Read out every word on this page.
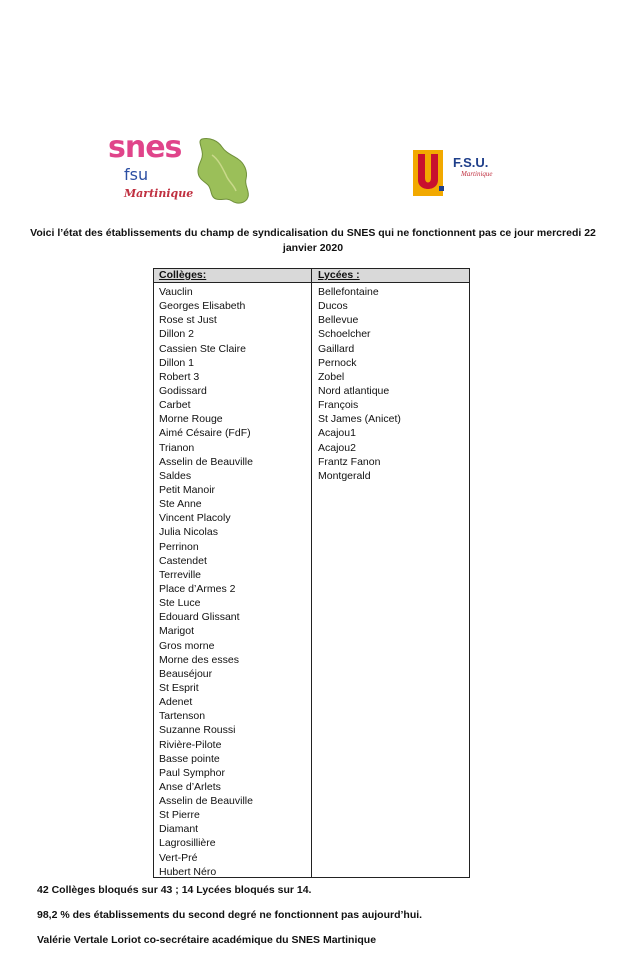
snes
fsu
Martinique
F.S.U.
Martinique
Voici l’état des établissements du champ de syndicalisation du SNES qui ne fonctionnent pas ce jour mercredi 22 janvier 2020
Collèges:	Lycées :
Vauclin
Georges Elisabeth
Rose st Just
Dillon 2
Cassien Ste Claire
Dillon 1
Robert 3
Godissard
Carbet
Morne Rouge
Aimé Césaire (FdF)
Trianon
Asselin de Beauville
Saldes
Petit Manoir
Ste Anne
Vincent Placoly
Julia Nicolas
Perrinon
Castendet
Terreville
Place d’Armes 2
Ste Luce
Edouard Glissant
Marigot
Gros morne
Morne des esses
Beauséjour
St Esprit
Adenet
Tartenson
Suzanne Roussi
Rivière-Pilote
Basse pointe
Paul Symphor
Anse d’Arlets
Asselin de Beauville
St Pierre
Diamant
Lagrosillière
Vert-Pré
Hubert Néro
Bellefontaine
Ducos
Bellevue
Schoelcher
Gaillard
Pernock
Zobel
Nord atlantique
François
St James (Anicet)
Acajou1
Acajou2
Frantz Fanon
Montgerald
42 Collèges bloqués sur 43 ; 14 Lycées bloqués sur 14.
98,2 % des établissements du second degré ne fonctionnent pas aujourd’hui.
Valérie Vertale Loriot co-secrétaire académique du SNES Martinique
